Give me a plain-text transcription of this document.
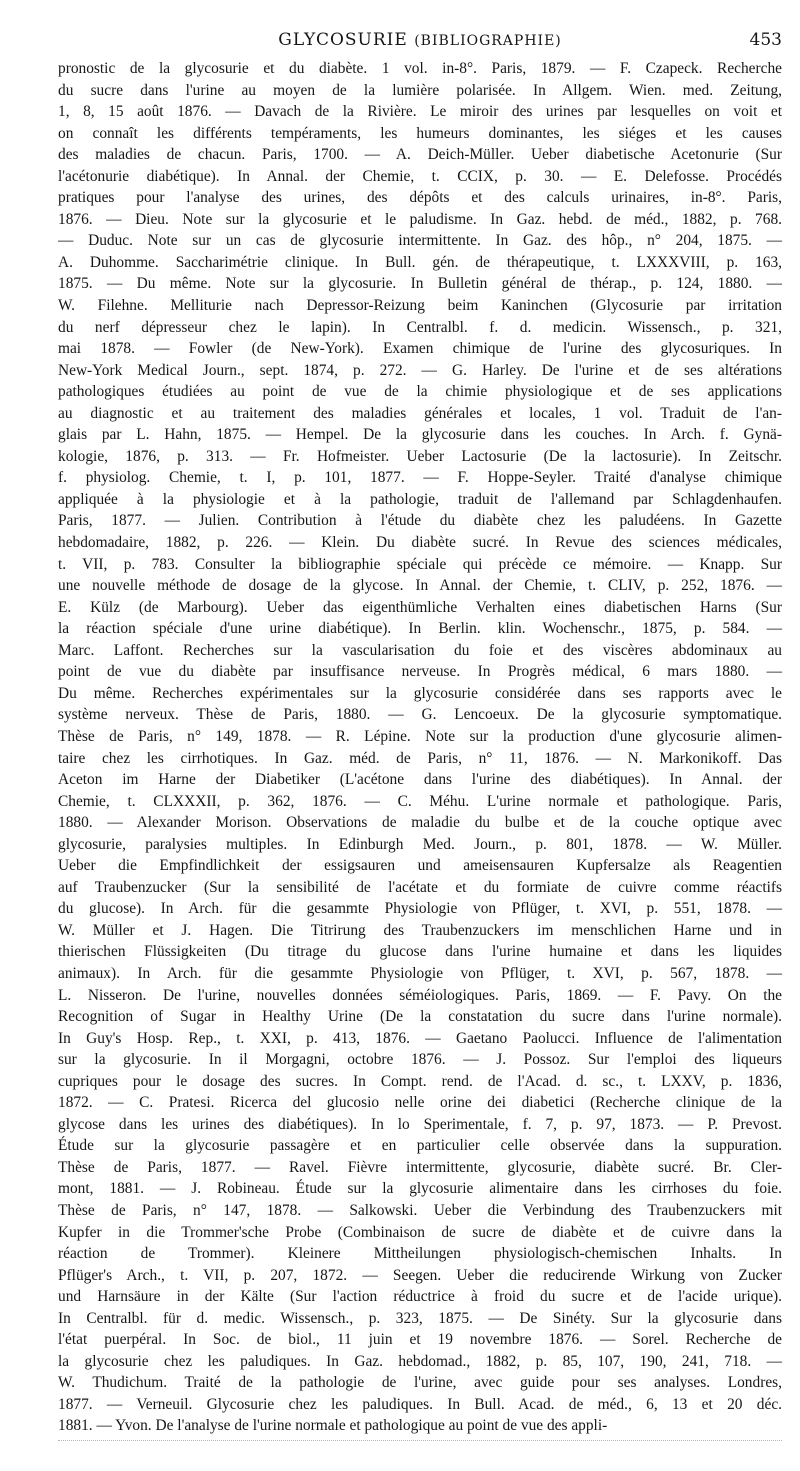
GLYCOSURIE (BIBLIOGRAPHIE)	453
pronostic de la glycosurie et du diabète. 1 vol. in-8°. Paris, 1879. — F. Czapeck. Recherche
du sucre dans l'urine au moyen de la lumière polarisée. In Allgem. Wien. med. Zeitung,
1, 8, 15 août 1876. — Davach de la Rivière. Le miroir des urines par lesquelles on voit et
on connaît les différents tempéraments, les humeurs dominantes, les siéges et les causes
des maladies de chacun. Paris, 1700. — A. Deich-Müller. Ueber diabetische Acetonurie (Sur
l'acétonurie diabétique). In Annal. der Chemie, t. CCIX, p. 30. — E. Delefosse. Procédés
pratiques pour l'analyse des urines, des dépôts et des calculs urinaires, in-8°. Paris,
1876. — Dieu. Note sur la glycosurie et le paludisme. In Gaz. hebd. de méd., 1882, p. 768.
— Duduc. Note sur un cas de glycosurie intermittente. In Gaz. des hôp., n° 204, 1875. —
A. Duhomme. Saccharimétrie clinique. In Bull. gén. de thérapeutique, t. LXXXVIII, p. 163,
1875. — Du même. Note sur la glycosurie. In Bulletin général de thérap., p. 124, 1880. —
W. Filehne. Melliturie nach Depressor-Reizung beim Kaninchen (Glycosurie par irritation
du nerf dépresseur chez le lapin). In Centralbl. f. d. medicin. Wissensch., p. 321,
mai 1878. — Fowler (de New-York). Examen chimique de l'urine des glycosuriques. In
New-York Medical Journ., sept. 1874, p. 272. — G. Harley. De l'urine et de ses altérations
pathologiques étudiées au point de vue de la chimie physiologique et de ses applications
au diagnostic et au traitement des maladies générales et locales, 1 vol. Traduit de l'an-
glais par L. Hahn, 1875. — Hempel. De la glycosurie dans les couches. In Arch. f. Gynä-
kologie, 1876, p. 313. — Fr. Hofmeister. Ueber Lactosurie (De la lactosurie). In Zeitschr.
f. physiolog. Chemie, t. I, p. 101, 1877. — F. Hoppe-Seyler. Traité d'analyse chimique
appliquée à la physiologie et à la pathologie, traduit de l'allemand par Schlagdenhaufen.
Paris, 1877. — Julien. Contribution à l'étude du diabète chez les paludéens. In Gazette
hebdomadaire, 1882, p. 226. — Klein. Du diabète sucré. In Revue des sciences médicales,
t. VII, p. 783. Consulter la bibliographie spéciale qui précède ce mémoire. — Knapp. Sur
une nouvelle méthode de dosage de la glycose. In Annal. der Chemie, t. CLIV, p. 252, 1876. —
E. Külz (de Marbourg). Ueber das eigenthümliche Verhalten eines diabetischen Harns (Sur
la réaction spéciale d'une urine diabétique). In Berlin. klin. Wochenschr., 1875, p. 584. —
Marc. Laffont. Recherches sur la vascularisation du foie et des viscères abdominaux au
point de vue du diabète par insuffisance nerveuse. In Progrès médical, 6 mars 1880. —
Du même. Recherches expérimentales sur la glycosurie considérée dans ses rapports avec le
système nerveux. Thèse de Paris, 1880. — G. Lencoeux. De la glycosurie symptomatique.
Thèse de Paris, n° 149, 1878. — R. Lépine. Note sur la production d'une glycosurie alimen-
taire chez les cirrhotiques. In Gaz. méd. de Paris, n° 11, 1876. — N. Markonikoff. Das
Aceton im Harne der Diabetiker (L'acétone dans l'urine des diabétiques). In Annal. der
Chemie, t. CLXXXII, p. 362, 1876. — C. Méhu. L'urine normale et pathologique. Paris,
1880. — Alexander Morison. Observations de maladie du bulbe et de la couche optique avec
glycosurie, paralysies multiples. In Edinburgh Med. Journ., p. 801, 1878. — W. Müller.
Ueber die Empfindlichkeit der essigsauren und ameisensauren Kupfersalze als Reagentien
auf Traubenzucker (Sur la sensibilité de l'acétate et du formiate de cuivre comme réactifs
du glucose). In Arch. für die gesammte Physiologie von Pflüger, t. XVI, p. 551, 1878. —
W. Müller et J. Hagen. Die Titrirung des Traubenzuckers im menschlichen Harne und in
thierischen Flüssigkeiten (Du titrage du glucose dans l'urine humaine et dans les liquides
animaux). In Arch. für die gesammte Physiologie von Pflüger, t. XVI, p. 567, 1878. —
L. Nisseron. De l'urine, nouvelles données séméiologiques. Paris, 1869. — F. Pavy. On the
Recognition of Sugar in Healthy Urine (De la constatation du sucre dans l'urine normale).
In Guy's Hosp. Rep., t. XXI, p. 413, 1876. — Gaetano Paolucci. Influence de l'alimentation
sur la glycosurie. In il Morgagni, octobre 1876. — J. Possoz. Sur l'emploi des liqueurs
cupriques pour le dosage des sucres. In Compt. rend. de l'Acad. d. sc., t. LXXV, p. 1836,
1872. — C. Pratesi. Ricerca del glucosio nelle orine dei diabetici (Recherche clinique de la
glycose dans les urines des diabétiques). In lo Sperimentale, f. 7, p. 97, 1873. — P. Prevost.
Étude sur la glycosurie passagère et en particulier celle observée dans la suppuration.
Thèse de Paris, 1877. — Ravel. Fièvre intermittente, glycosurie, diabète sucré. Br. Cler-
mont, 1881. — J. Robineau. Étude sur la glycosurie alimentaire dans les cirrhoses du foie.
Thèse de Paris, n° 147, 1878. — Salkowski. Ueber die Verbindung des Traubenzuckers mit
Kupfer in die Trommer'sche Probe (Combinaison de sucre de diabète et de cuivre dans la
réaction de Trommer). Kleinere Mittheilungen physiologisch-chemischen Inhalts. In
Pflüger's Arch., t. VII, p. 207, 1872. — Seegen. Ueber die reducirende Wirkung von Zucker
und Harnsäure in der Kälte (Sur l'action réductrice à froid du sucre et de l'acide urique).
In Centralbl. für d. medic. Wissensch., p. 323, 1875. — De Sinéty. Sur la glycosurie dans
l'état puerpéral. In Soc. de biol., 11 juin et 19 novembre 1876. — Sorel. Recherche de
la glycosurie chez les paludiques. In Gaz. hebdomad., 1882, p. 85, 107, 190, 241, 718. —
W. Thudichum. Traité de la pathologie de l'urine, avec guide pour ses analyses. Londres,
1877. — Verneuil. Glycosurie chez les paludiques. In Bull. Acad. de méd., 6, 13 et 20 déc.
1881. — Yvon. De l'analyse de l'urine normale et pathologique au point de vue des appli-
